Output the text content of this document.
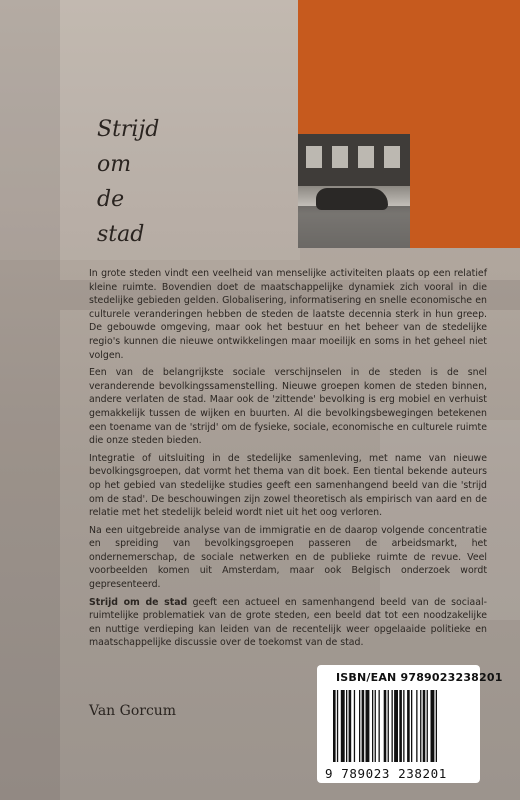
Strijd
om
de
stad

In grote steden vindt een veelheid van menselijke activiteiten plaats op een relatief kleine ruimte. Bovendien doet de maatschappelijke dynamiek zich vooral in die stedelijke gebieden gelden. Globalisering, informatisering en snelle economische en culturele veranderingen hebben de steden de laatste decennia sterk in hun greep. De gebouwde omgeving, maar ook het bestuur en het beheer van de stedelijke regio's kunnen die nieuwe ontwikkelingen maar moeilijk en soms in het geheel niet volgen.

Een van de belangrijkste sociale verschijnselen in de steden is de snel veranderende bevolkingssamenstelling. Nieuwe groepen komen de steden binnen, andere verlaten de stad. Maar ook de 'zittende' bevolking is erg mobiel en verhuist gemakkelijk tussen de wijken en buurten. Al die bevolkingsbewegingen betekenen een toename van de 'strijd' om de fysieke, sociale, economische en culturele ruimte die onze steden bieden.

Integratie of uitsluiting in de stedelijke samenleving, met name van nieuwe bevolkingsgroepen, dat vormt het thema van dit boek. Een tiental bekende auteurs op het gebied van stedelijke studies geeft een samenhangend beeld van die 'strijd om de stad'. De beschouwingen zijn zowel theoretisch als empirisch van aard en de relatie met het stedelijk beleid wordt niet uit het oog verloren.

Na een uitgebreide analyse van de immigratie en de daarop volgende concentratie en spreiding van bevolkingsgroepen passeren de arbeidsmarkt, het ondernemerschap, de sociale netwerken en de publieke ruimte de revue. Veel voorbeelden komen uit Amsterdam, maar ook Belgisch onderzoek wordt gepresenteerd.

Strijd om de stad geeft een actueel en samenhangend beeld van de sociaal-ruimtelijke problematiek van de grote steden, een beeld dat tot een noodzakelijke en nuttige verdieping kan leiden van de recentelijk weer opgelaaide politieke en maatschappelijke discussie over de toekomst van de stad.

Van Gorcum
ISBN/EAN 9789023238201
9 789023 238201
